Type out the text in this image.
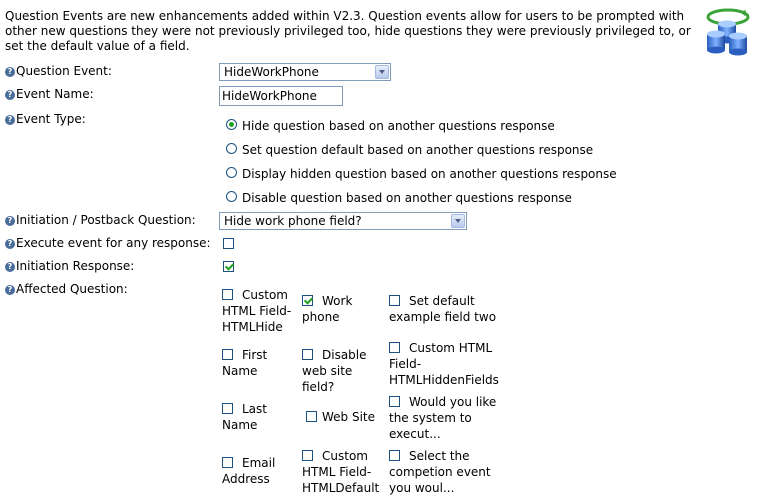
Question Events are new enhancements added within V2.3. Question events allow for users to be prompted with other new questions they were not previously privileged too, hide questions they were previously privileged to, or set the default value of a field.
? Question Event:
? Event Name:
? Event Type:
? Initiation / Postback Question:
? Execute event for any response:
? Initiation Response:
? Affected Question:
HideWorkPhone
HideWorkPhone
Hide question based on another questions response
Set question default based on another questions response
Display hidden question based on another questions response
Disable question based on another questions response
Hide work phone field?
Custom HTML Field-HTMLHide
Work phone
Set default example field two
First Name
Disable web site field?
Custom HTML Field-HTMLHiddenFields
Last Name
Web Site
Would you like the system to execut...
Email Address
Custom HTML Field-HTMLDefault
Select the competion event you woul...
